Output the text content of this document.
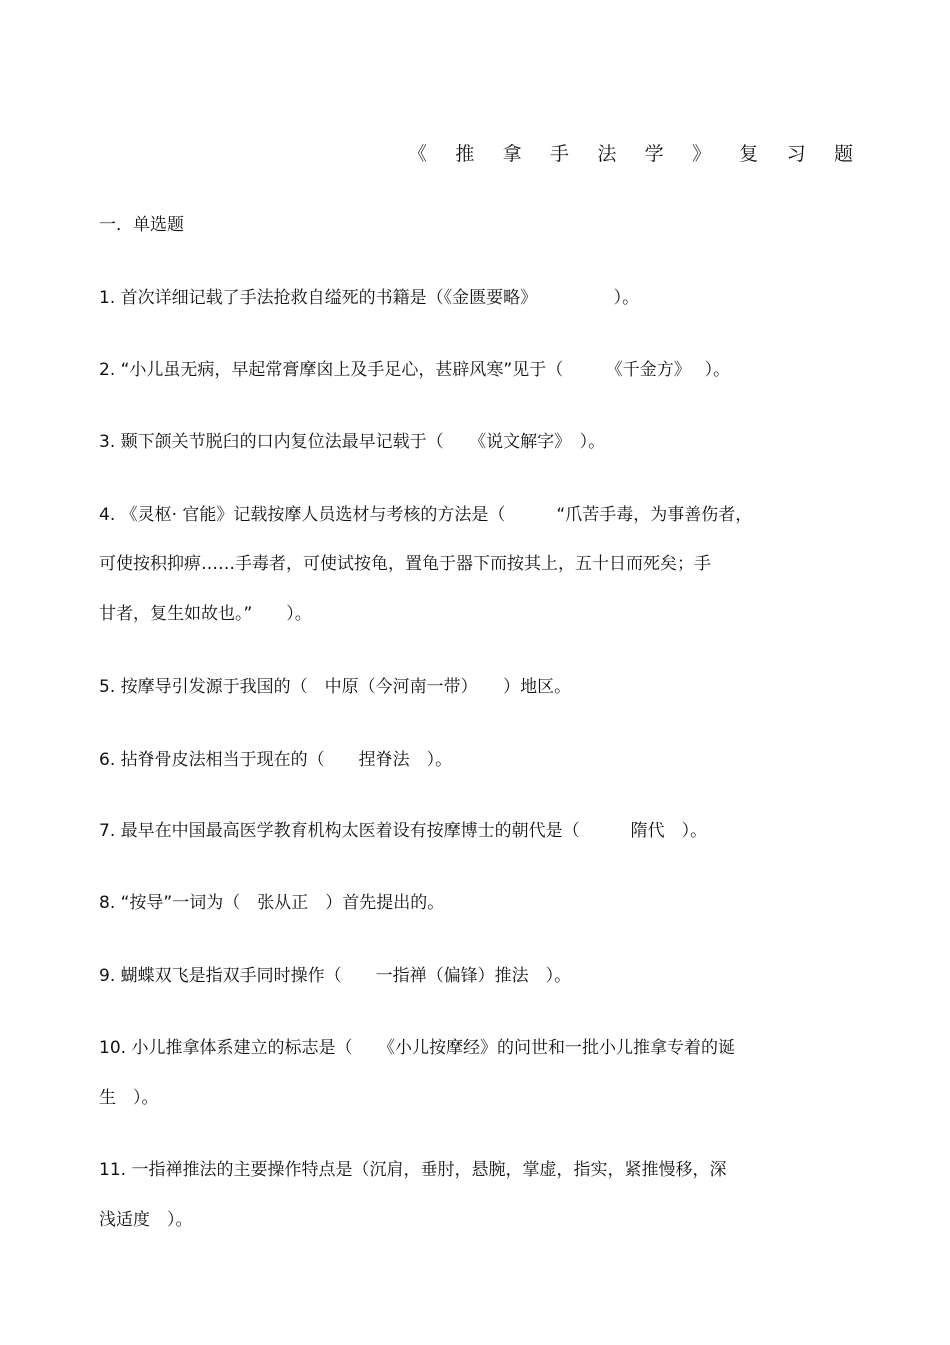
《 推 拿 手 法 学 》 复 习 题
一．单选题
1. 首次详细记载了手法抢救自缢死的书籍是（《金匮要略》　　　　　）。
2. “小儿虽无病，早起常膏摩囟上及手足心，甚辟风寒”见于（　　　《千金方》　 ）。
3. 颞下颌关节脱臼的口内复位法最早记载于（　　《说文解字》　）。
4. 《灵枢· 官能》记载按摩人员选材与考核的方法是（　　　“爪苦手毒，为事善伤者，
可使按积抑痹……手毒者，可使试按龟，置龟于器下而按其上，五十日而死矣；手
甘者，复生如故也。”　　）。
5. 按摩导引发源于我国的（　中原（今河南一带）　　）地区。
6. 拈脊骨皮法相当于现在的（　　捏脊法　）。
7. 最早在中国最高医学教育机构太医着设有按摩博士的朝代是（　　　隋代　）。
8. “按导”一词为（　张从正　）首先提出的。
9. 蝴蝶双飞是指双手同时操作（　　一指禅（偏锋）推法　）。
10. 小儿推拿体系建立的标志是（　　《小儿按摩经》的问世和一批小儿推拿专着的诞
生　）。
11. 一指禅推法的主要操作特点是（沉肩，垂肘，悬腕，掌虚，指实，紧推慢移，深
浅适度　）。
